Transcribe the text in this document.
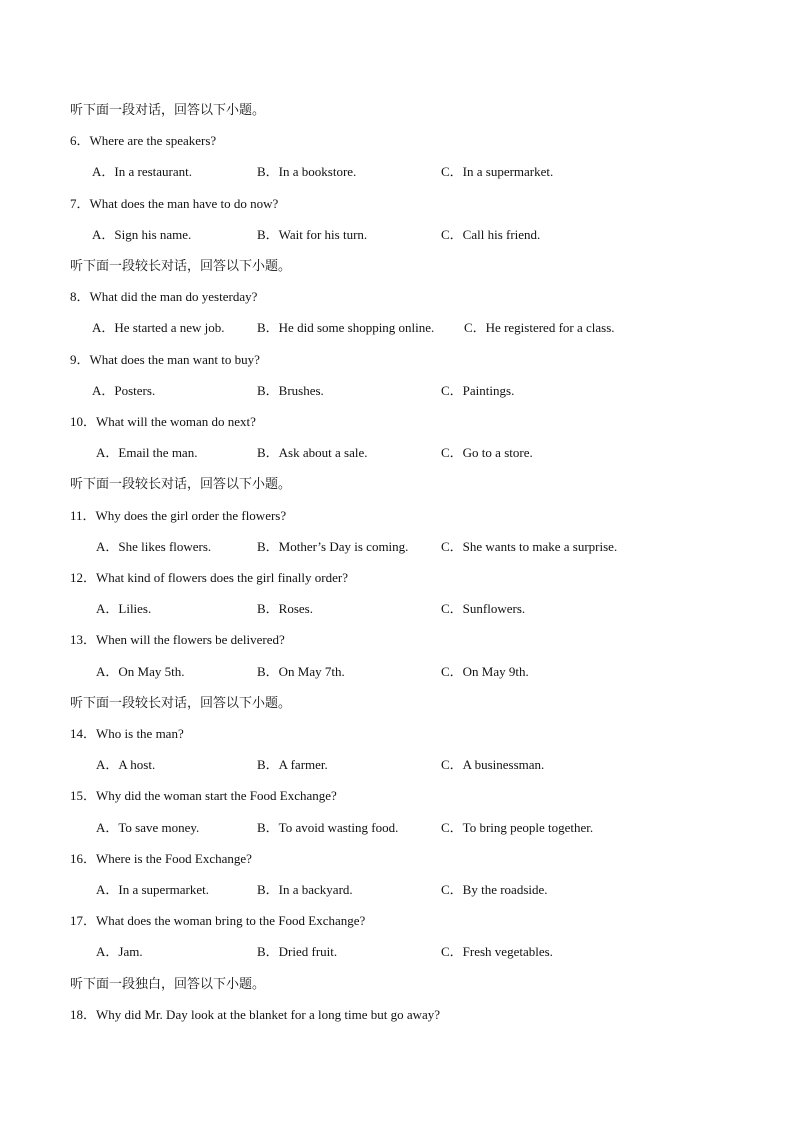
听下面一段对话，回答以下小题。
6．Where are the speakers?
A．In a restaurant.	B．In a bookstore.	C．In a supermarket.
7．What does the man have to do now?
A．Sign his name.	B．Wait for his turn.	C．Call his friend.
听下面一段较长对话，回答以下小题。
8．What did the man do yesterday?
A．He started a new job.	B．He did some shopping online. C．He registered for a class.
9．What does the man want to buy?
A．Posters.	B．Brushes.	C．Paintings.
10．What will the woman do next?
A．Email the man.	B．Ask about a sale.	C．Go to a store.
听下面一段较长对话，回答以下小题。
11．Why does the girl order the flowers?
A．She likes flowers.	B．Mother’s Day is coming.	C．She wants to make a surprise.
12．What kind of flowers does the girl finally order?
A．Lilies.	B．Roses.	C．Sunflowers.
13．When will the flowers be delivered?
A．On May 5th.	B．On May 7th.	C．On May 9th.
听下面一段较长对话，回答以下小题。
14．Who is the man?
A．A host.	B．A farmer.	C．A businessman.
15．Why did the woman start the Food Exchange?
A．To save money.	B．To avoid wasting food.	C．To bring people together.
16．Where is the Food Exchange?
A．In a supermarket.	B．In a backyard.	C．By the roadside.
17．What does the woman bring to the Food Exchange?
A．Jam.	B．Dried fruit.	C．Fresh vegetables.
听下面一段独白，回答以下小题。
18．Why did Mr. Day look at the blanket for a long time but go away?
